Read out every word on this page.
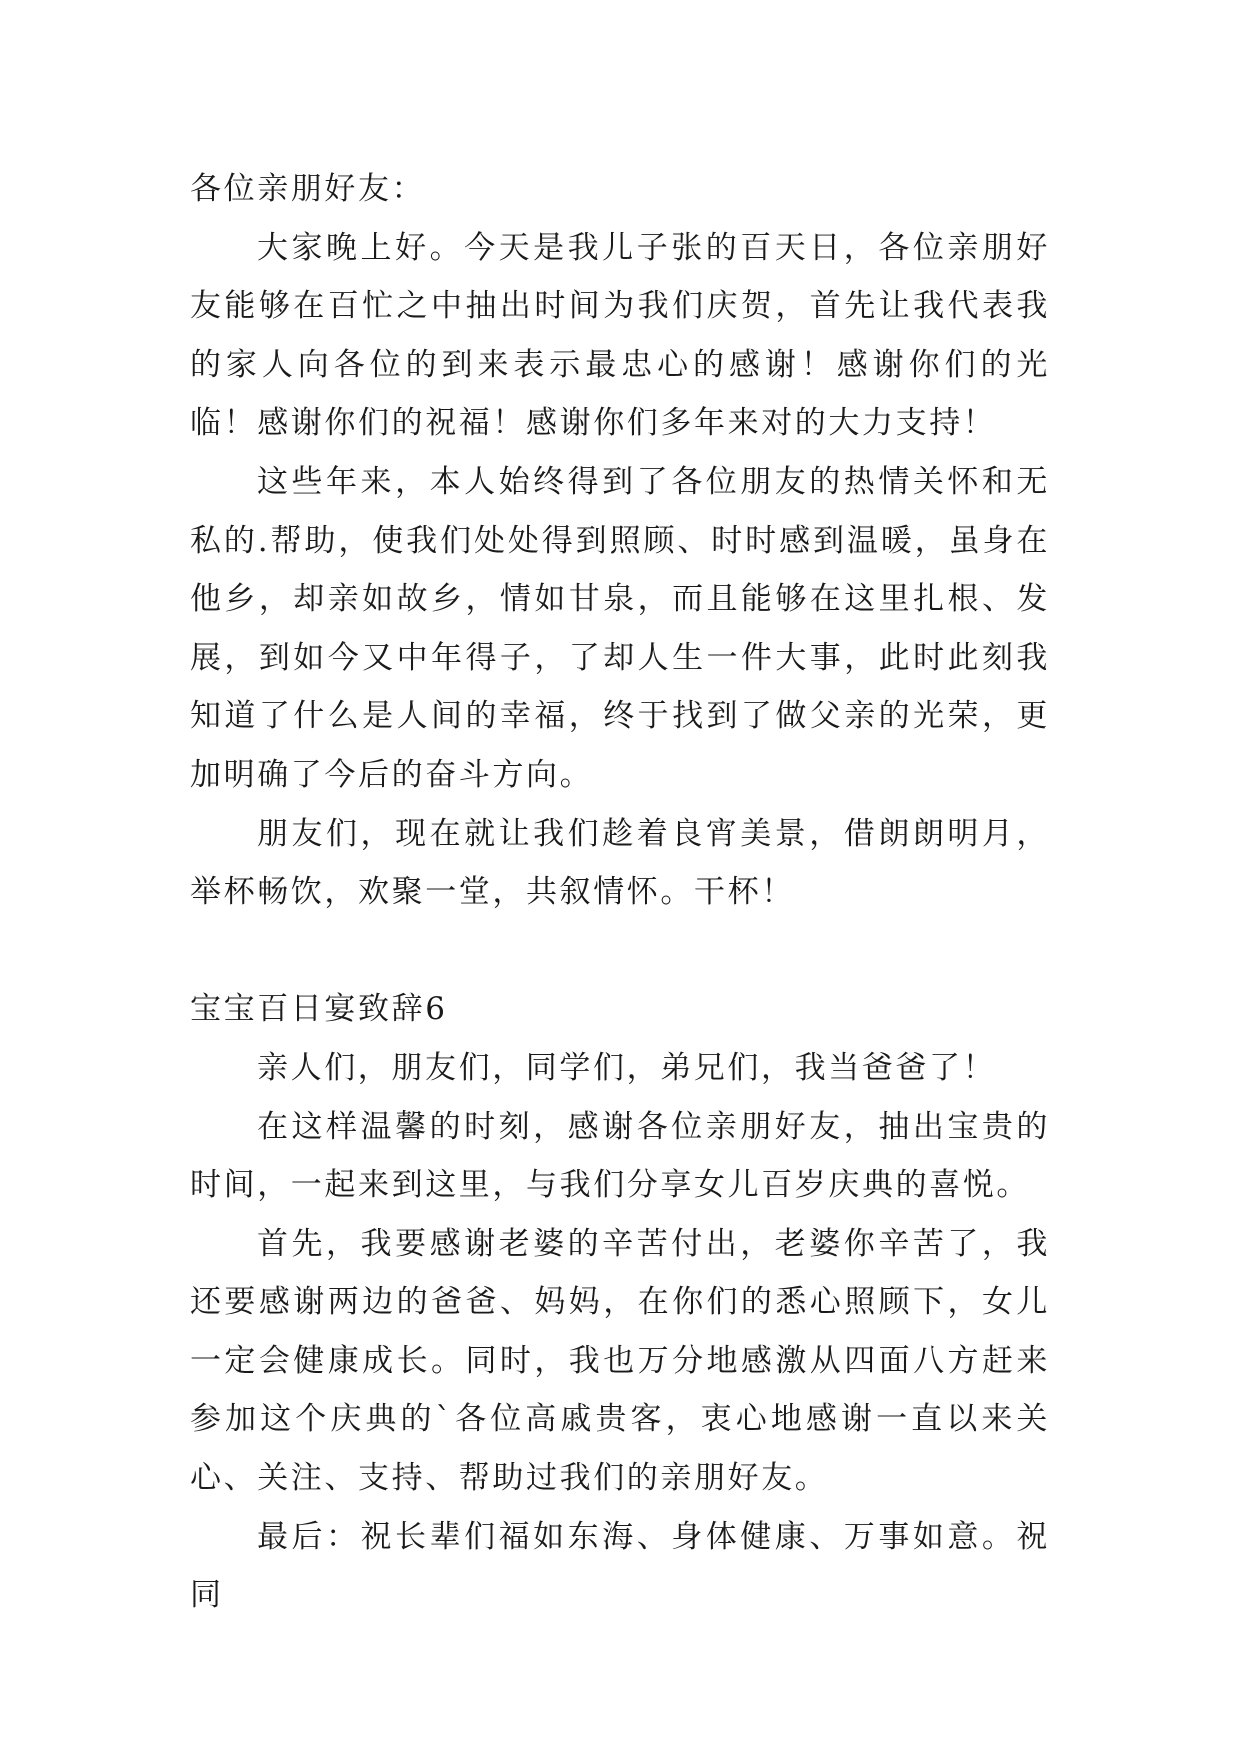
各位亲朋好友：

大家晚上好。今天是我儿子张的百天日，各位亲朋好友能够在百忙之中抽出时间为我们庆贺，首先让我代表我的家人向各位的到来表示最忠心的感谢！感谢你们的光临！感谢你们的祝福！感谢你们多年来对的大力支持！

这些年来，本人始终得到了各位朋友的热情关怀和无私的.帮助，使我们处处得到照顾、时时感到温暖，虽身在他乡，却亲如故乡，情如甘泉，而且能够在这里扎根、发展，到如今又中年得子，了却人生一件大事，此时此刻我知道了什么是人间的幸福，终于找到了做父亲的光荣，更加明确了今后的奋斗方向。

朋友们，现在就让我们趁着良宵美景，借朗朗明月，举杯畅饮，欢聚一堂，共叙情怀。干杯！

宝宝百日宴致辞6

亲人们，朋友们，同学们，弟兄们，我当爸爸了！

在这样温馨的时刻，感谢各位亲朋好友，抽出宝贵的时间，一起来到这里，与我们分享女儿百岁庆典的喜悦。

首先，我要感谢老婆的辛苦付出，老婆你辛苦了，我还要感谢两边的爸爸、妈妈，在你们的悉心照顾下，女儿一定会健康成长。同时，我也万分地感激从四面八方赶来参加这个庆典的`各位高戚贵客，衷心地感谢一直以来关心、关注、支持、帮助过我们的亲朋好友。

最后：祝长辈们福如东海、身体健康、万事如意。祝同
